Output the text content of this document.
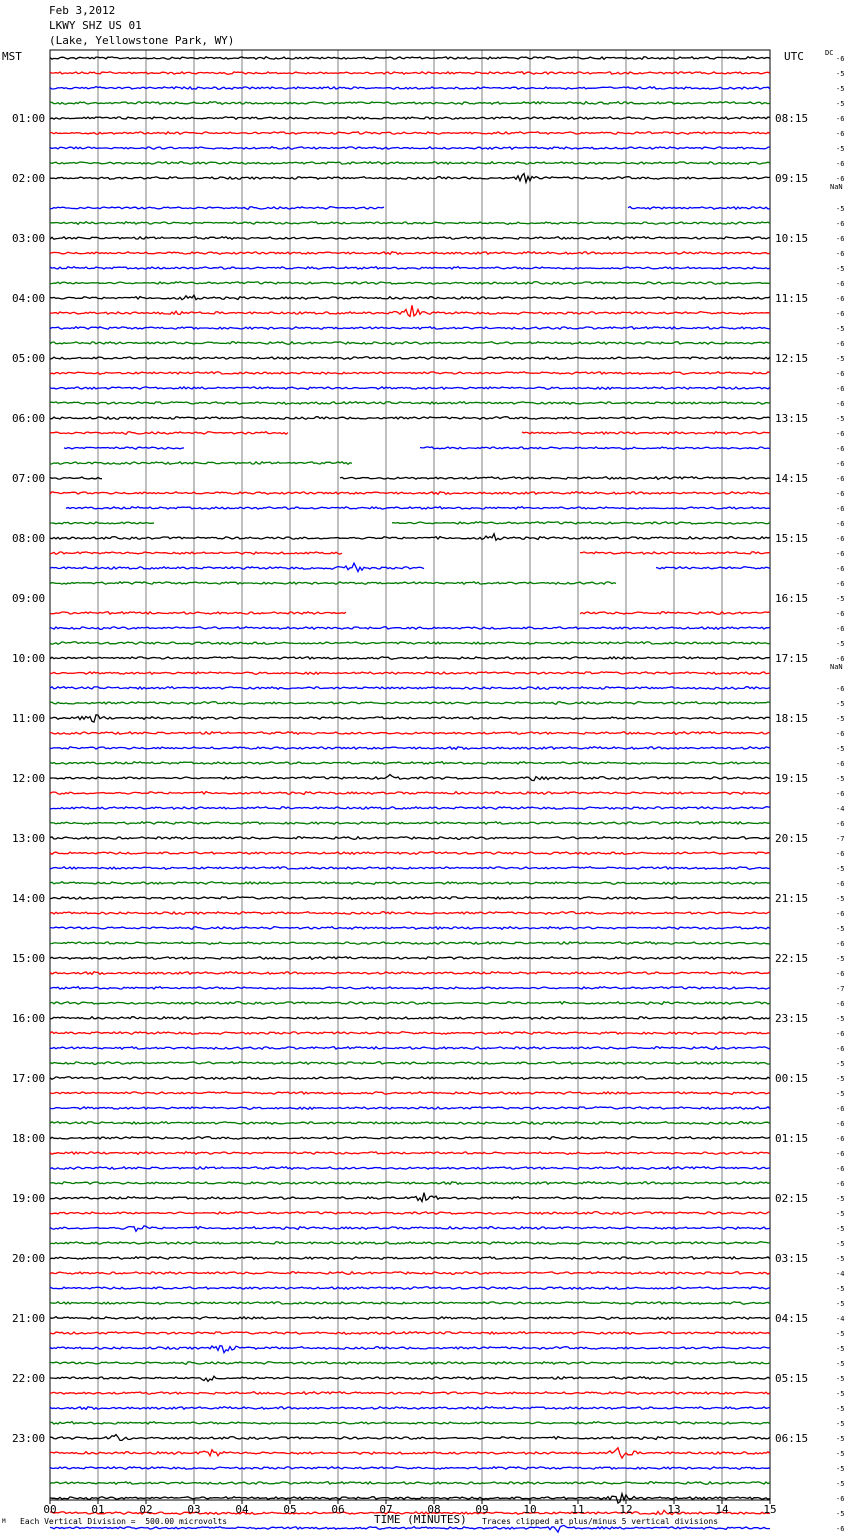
Feb 3,2012
LKWY SHZ US 01
(Lake, Yellowstone Park, WY)
MST	UTC	DC
01:00
02:00
03:00
04:00
05:00
06:00
07:00
08:00
09:00
10:00
11:00
12:00
13:00
14:00
15:00
16:00
17:00
18:00
19:00
20:00
21:00
22:00
23:00
08:15
09:15
10:15
11:15
12:15
13:15
14:15
15:15
16:15
17:15
18:15
19:15
20:15
21:15
22:15
23:15
00:15
01:15
02:15
03:15
04:15
05:15
06:15
-6
-5
-5
-5
-6
-6
-5
-6
-6
NaN
-5
-6
-6
-6
-5
-6
-6
-6
-5
-6
-5
-6
-6
-6
-5
-6
-6
-6
-6
-6
-6
-6
-6
-6
-6
-6
-5
-6
-6
-5
-6
NaN
-6
-5
-5
-6
-5
-6
-5
-6
-4
-6
-7
-6
-5
-6
-5
-6
-5
-6
-5
-6
-7
-6
-5
-6
-6
-5
-5
-5
-6
-6
-6
-6
-6
-6
-5
-5
-5
-5
-5
-4
-5
-5
-4
-5
-5
-5
-5
-5
-5
-5
-5
-5
-5
-5
-6
-5
-6
00	01	02	03	04	05	06	07	08	09	10	11	12	13	14	15
M Each Vertical Division =  500.00 microvolts	TIME (MINUTES) Traces clipped at plus/minus 5 vertical divisions
